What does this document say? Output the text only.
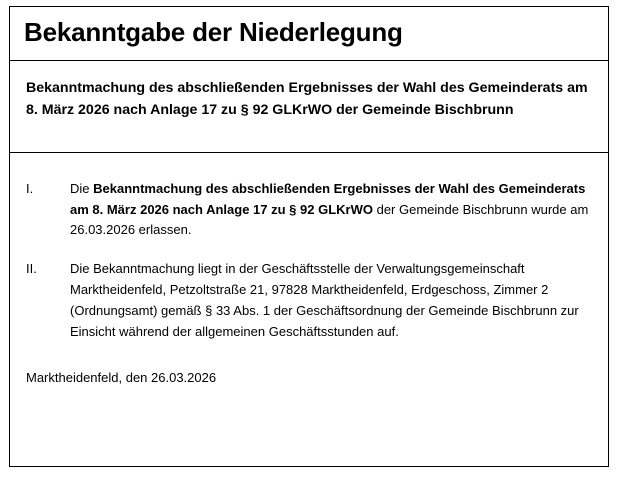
Bekanntgabe der Niederlegung
Bekanntmachung des abschließenden Ergebnisses der Wahl des Gemeinderats am 8. März 2026 nach Anlage 17 zu § 92 GLKrWO der Gemeinde Bischbrunn
I.	Die Bekanntmachung des abschließenden Ergebnisses der Wahl des Gemeinderats am 8. März 2026 nach Anlage 17 zu § 92 GLKrWO der Gemeinde Bischbrunn wurde am 26.03.2026 erlassen.
II.	Die Bekanntmachung liegt in der Geschäftsstelle der Verwaltungsgemeinschaft Marktheidenfeld, Petzoltstraße 21, 97828 Marktheidenfeld, Erdgeschoss, Zimmer 2 (Ordnungsamt) gemäß § 33 Abs. 1 der Geschäftsordnung der Gemeinde Bischbrunn zur Einsicht während der allgemeinen Geschäftsstunden auf.
Marktheidenfeld, den 26.03.2026
